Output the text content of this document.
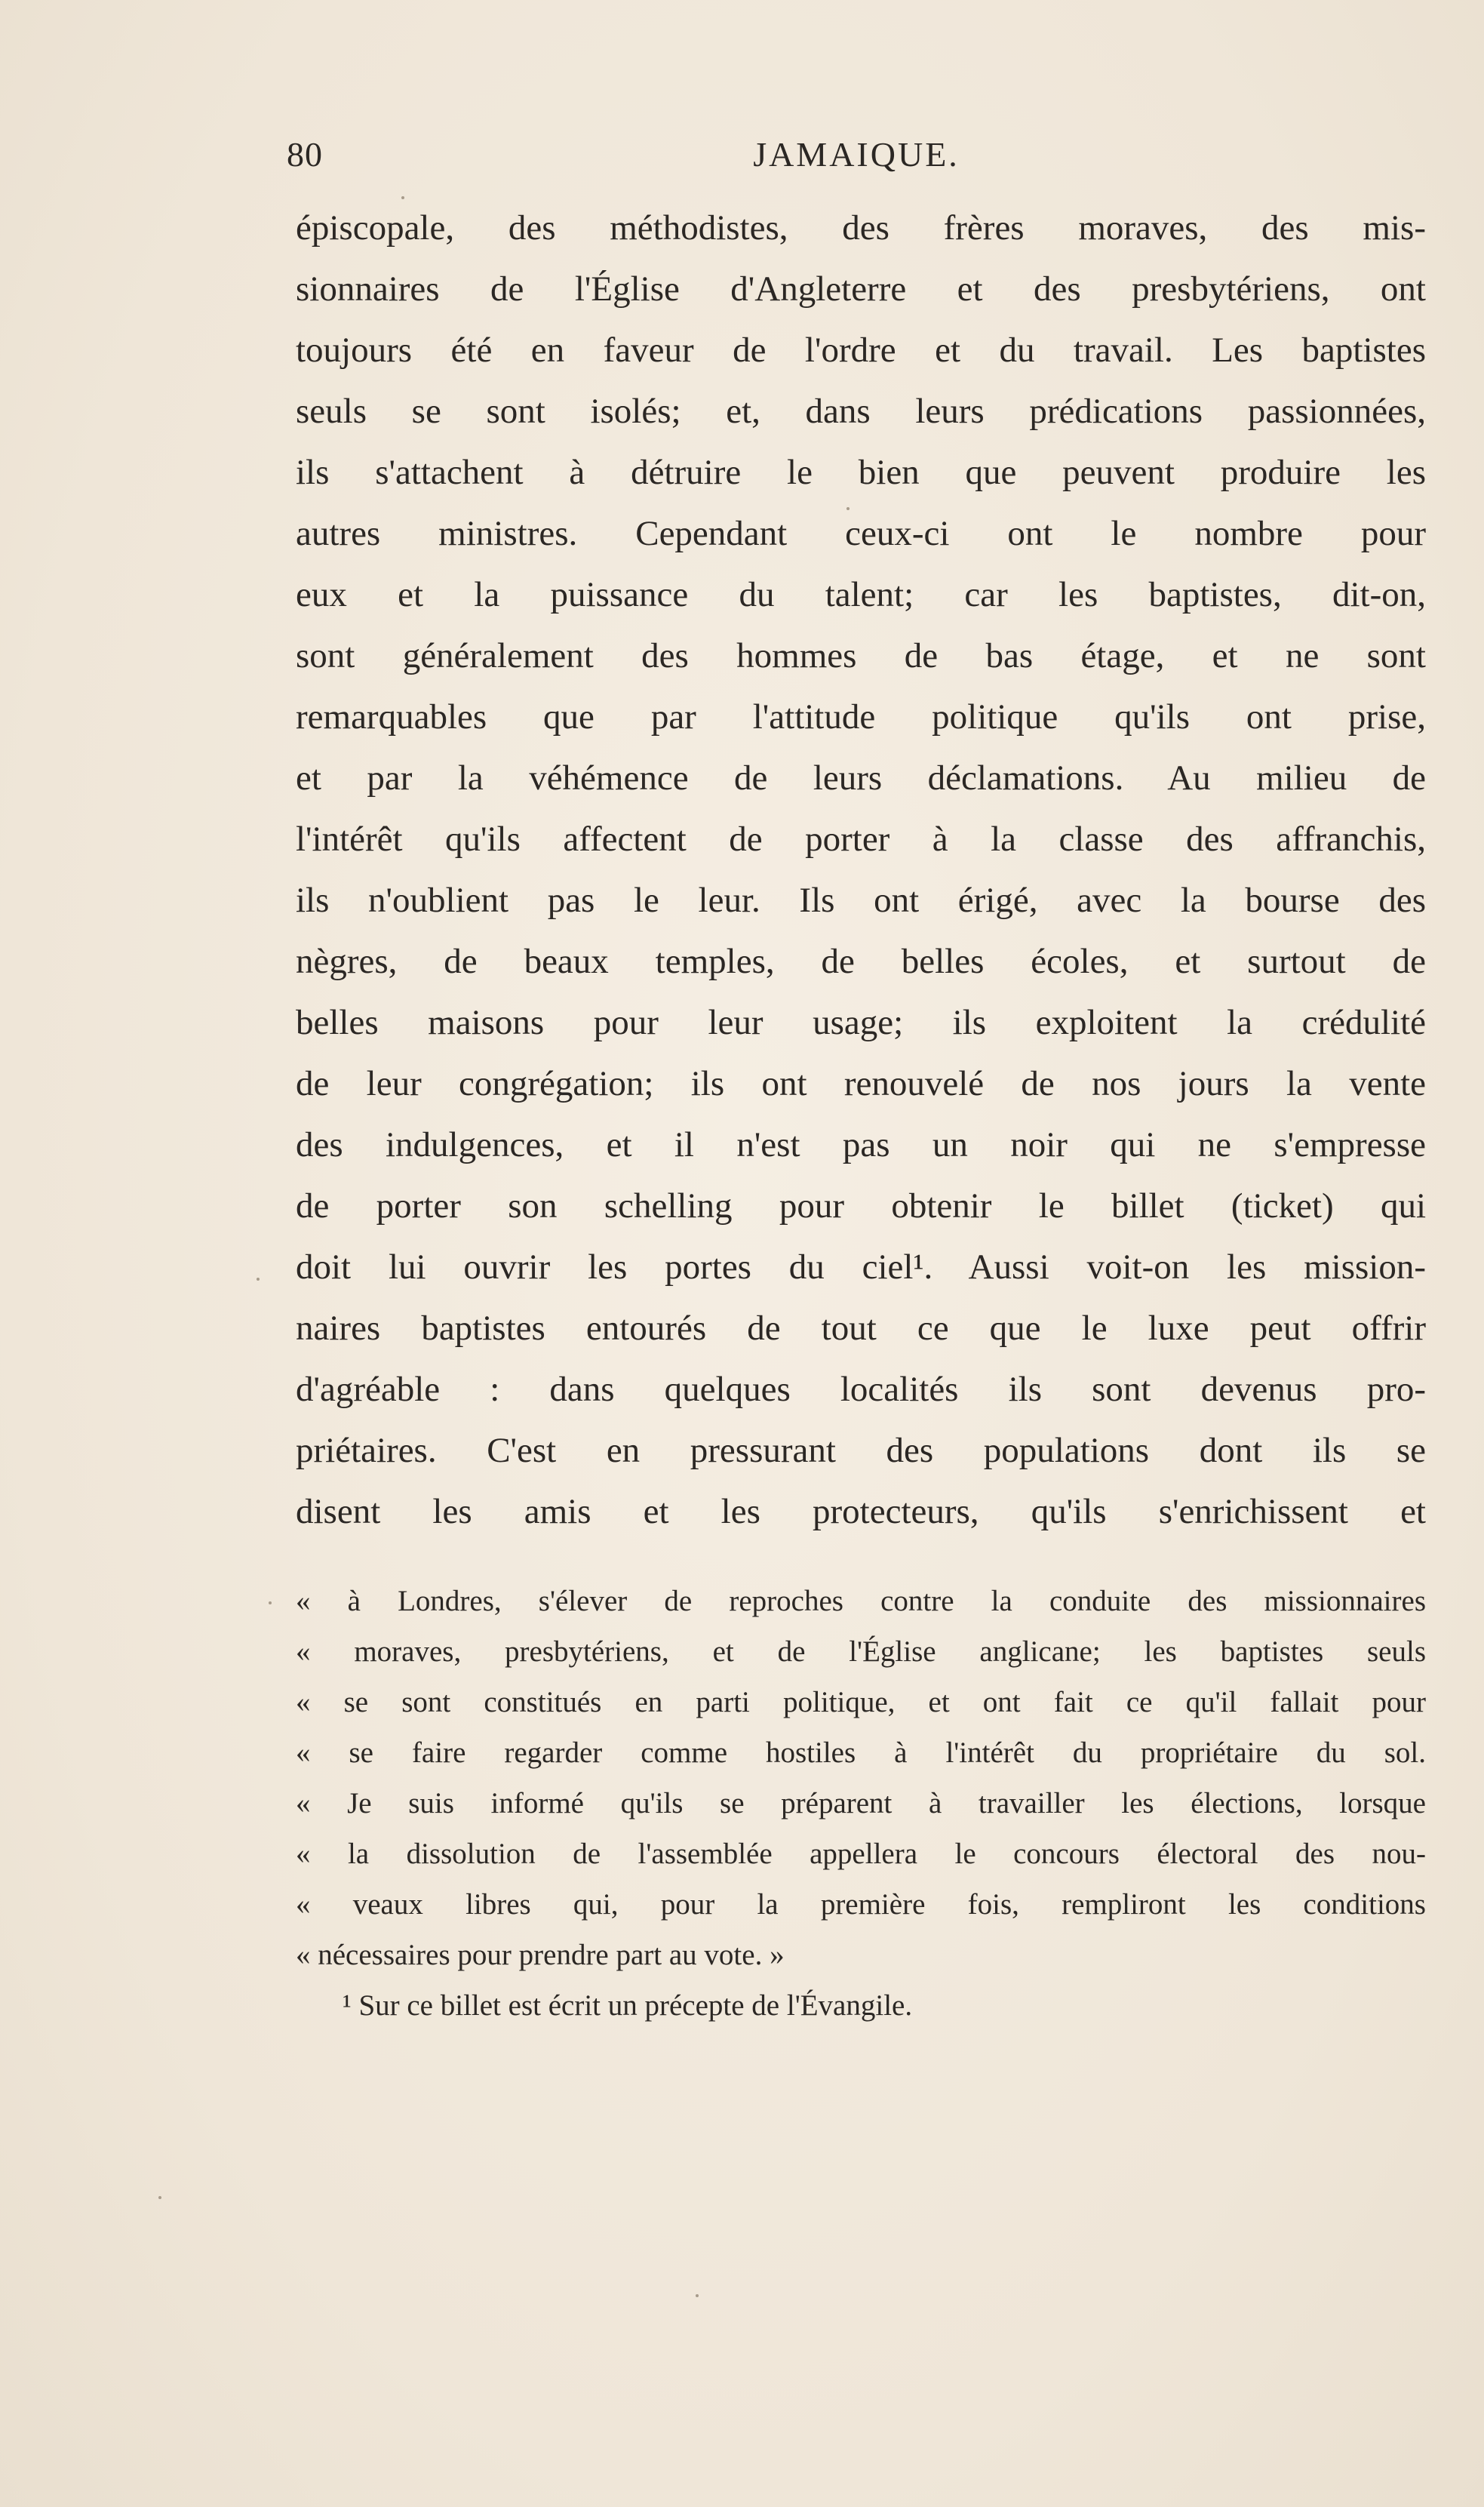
80	JAMAIQUE.
épiscopale, des méthodistes, des frères moraves, des mis-
sionnaires de l'Église d'Angleterre et des presbytériens, ont
toujours été en faveur de l'ordre et du travail. Les baptistes
seuls se sont isolés; et, dans leurs prédications passionnées,
ils s'attachent à détruire le bien que peuvent produire les
autres ministres. Cependant ceux-ci ont le nombre pour
eux et la puissance du talent; car les baptistes, dit-on,
sont généralement des hommes de bas étage, et ne sont
remarquables que par l'attitude politique qu'ils ont prise,
et par la véhémence de leurs déclamations. Au milieu de
l'intérêt qu'ils affectent de porter à la classe des affranchis,
ils n'oublient pas le leur. Ils ont érigé, avec la bourse des
nègres, de beaux temples, de belles écoles, et surtout de
belles maisons pour leur usage; ils exploitent la crédulité
de leur congrégation; ils ont renouvelé de nos jours la vente
des indulgences, et il n'est pas un noir qui ne s'empresse
de porter son schelling pour obtenir le billet (ticket) qui
doit lui ouvrir les portes du ciel¹. Aussi voit-on les mission-
naires baptistes entourés de tout ce que le luxe peut offrir
d'agréable : dans quelques localités ils sont devenus pro-
priétaires. C'est en pressurant des populations dont ils se
disent les amis et les protecteurs, qu'ils s'enrichissent et
« à Londres, s'élever de reproches contre la conduite des missionnaires
« moraves, presbytériens, et de l'Église anglicane; les baptistes seuls
« se sont constitués en parti politique, et ont fait ce qu'il fallait pour
« se faire regarder comme hostiles à l'intérêt du propriétaire du sol.
« Je suis informé qu'ils se préparent à travailler les élections, lorsque
« la dissolution de l'assemblée appellera le concours électoral des nou-
« veaux libres qui, pour la première fois, rempliront les conditions
« nécessaires pour prendre part au vote. »
¹ Sur ce billet est écrit un précepte de l'Évangile.
